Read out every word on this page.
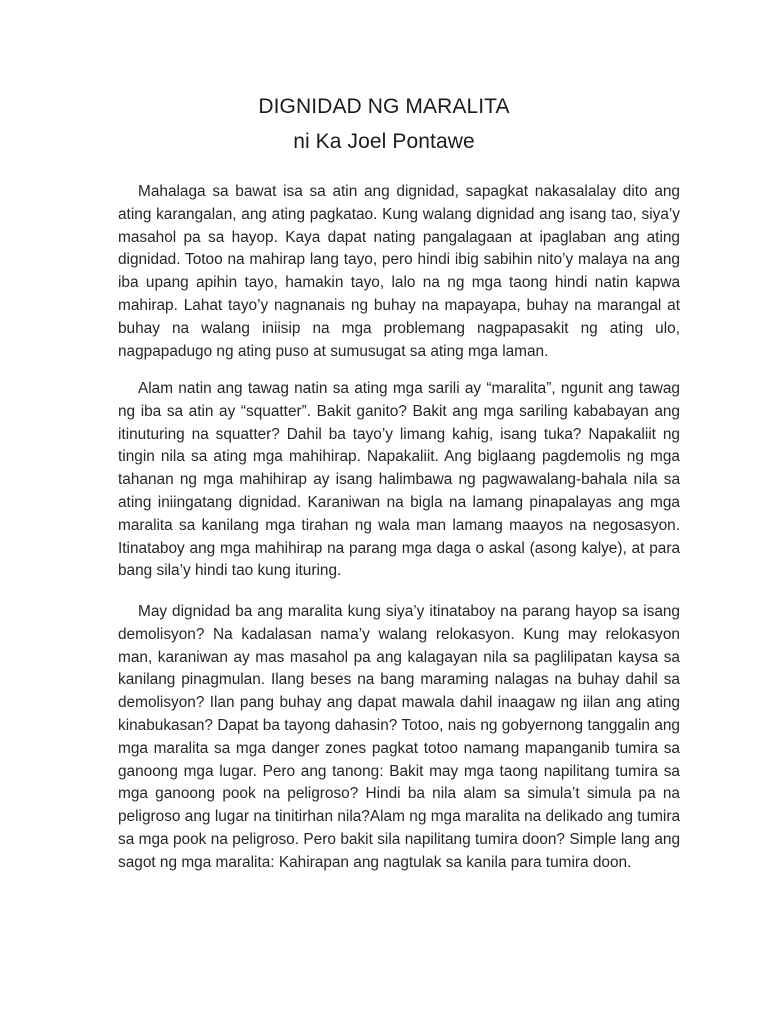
DIGNIDAD NG MARALITA
ni Ka Joel Pontawe

Mahalaga sa bawat isa sa atin ang dignidad, sapagkat nakasalalay dito ang ating karangalan, ang ating pagkatao. Kung walang dignidad ang isang tao, siya’y masahol pa sa hayop. Kaya dapat nating pangalagaan at ipaglaban ang ating dignidad. Totoo na mahirap lang tayo, pero hindi ibig sabihin nito’y malaya na ang iba upang apihin tayo, hamakin tayo, lalo na ng mga taong hindi natin kapwa mahirap. Lahat tayo’y nagnanais ng buhay na mapayapa, buhay na marangal at buhay na walang iniisip na mga problemang nagpapasakit ng ating ulo, nagpapadugo ng ating puso at sumusugat sa ating mga laman.

Alam natin ang tawag natin sa ating mga sarili ay “maralita”, ngunit ang tawag ng iba sa atin ay “squatter”. Bakit ganito? Bakit ang mga sariling kababayan ang itinuturing na squatter? Dahil ba tayo’y limang kahig, isang tuka? Napakaliit ng tingin nila sa ating mga mahihirap. Napakaliit. Ang biglaang pagdemolis ng mga tahanan ng mga mahihirap ay isang halimbawa ng pagwawalang-bahala nila sa ating iniingatang dignidad. Karaniwan na bigla na lamang pinapalayas ang mga maralita sa kanilang mga tirahan ng wala man lamang maayos na negosasyon. Itinataboy ang mga mahihirap na parang mga daga o askal (asong kalye), at para bang sila’y hindi tao kung ituring.

May dignidad ba ang maralita kung siya’y itinataboy na parang hayop sa isang demolisyon? Na kadalasan nama’y walang relokasyon. Kung may relokasyon man, karaniwan ay mas masahol pa ang kalagayan nila sa paglilipatan kaysa sa kanilang pinagmulan. Ilang beses na bang maraming nalagas na buhay dahil sa demolisyon? Ilan pang buhay ang dapat mawala dahil inaagaw ng iilan ang ating kinabukasan? Dapat ba tayong dahasin? Totoo, nais ng gobyernong tanggalin ang mga maralita sa mga danger zones pagkat totoo namang mapanganib tumira sa ganoong mga lugar. Pero ang tanong: Bakit may mga taong napilitang tumira sa mga ganoong pook na peligroso? Hindi ba nila alam sa simula’t simula pa na peligroso ang lugar na tinitirhan nila?Alam ng mga maralita na delikado ang tumira sa mga pook na peligroso. Pero bakit sila napilitang tumira doon? Simple lang ang sagot ng mga maralita: Kahirapan ang nagtulak sa kanila para tumira doon.
